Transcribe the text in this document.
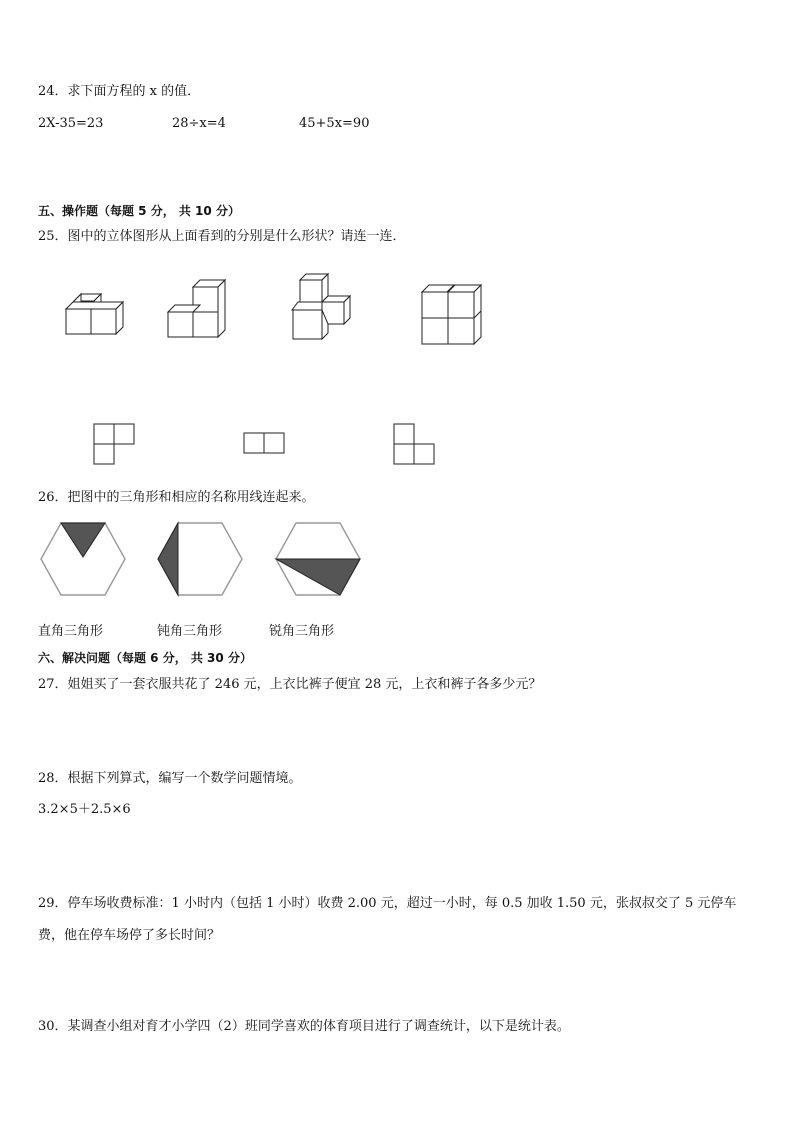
24．求下面方程的 x 的值．
2X-35=23	28÷x=4	45+5x=90
五、操作题（每题 5 分， 共 10 分）
25．图中的立体图形从上面看到的分别是什么形状？请连一连．
26．把图中的三角形和相应的名称用线连起来。
直角三角形	钝角三角形	锐角三角形
六、解决问题（每题 6 分， 共 30 分）
27．姐姐买了一套衣服共花了 246 元，上衣比裤子便宜 28 元，上衣和裤子各多少元？
28．根据下列算式，编写一个数学问题情境。
3.2×5＋2.5×6
29．停车场收费标准：1 小时内（包括 1 小时）收费 2.00 元，超过一小时，每 0.5 加收 1.50 元，张叔叔交了 5 元停车
费，他在停车场停了多长时间？
30．某调查小组对育才小学四（2）班同学喜欢的体育项目进行了调查统计，以下是统计表。
